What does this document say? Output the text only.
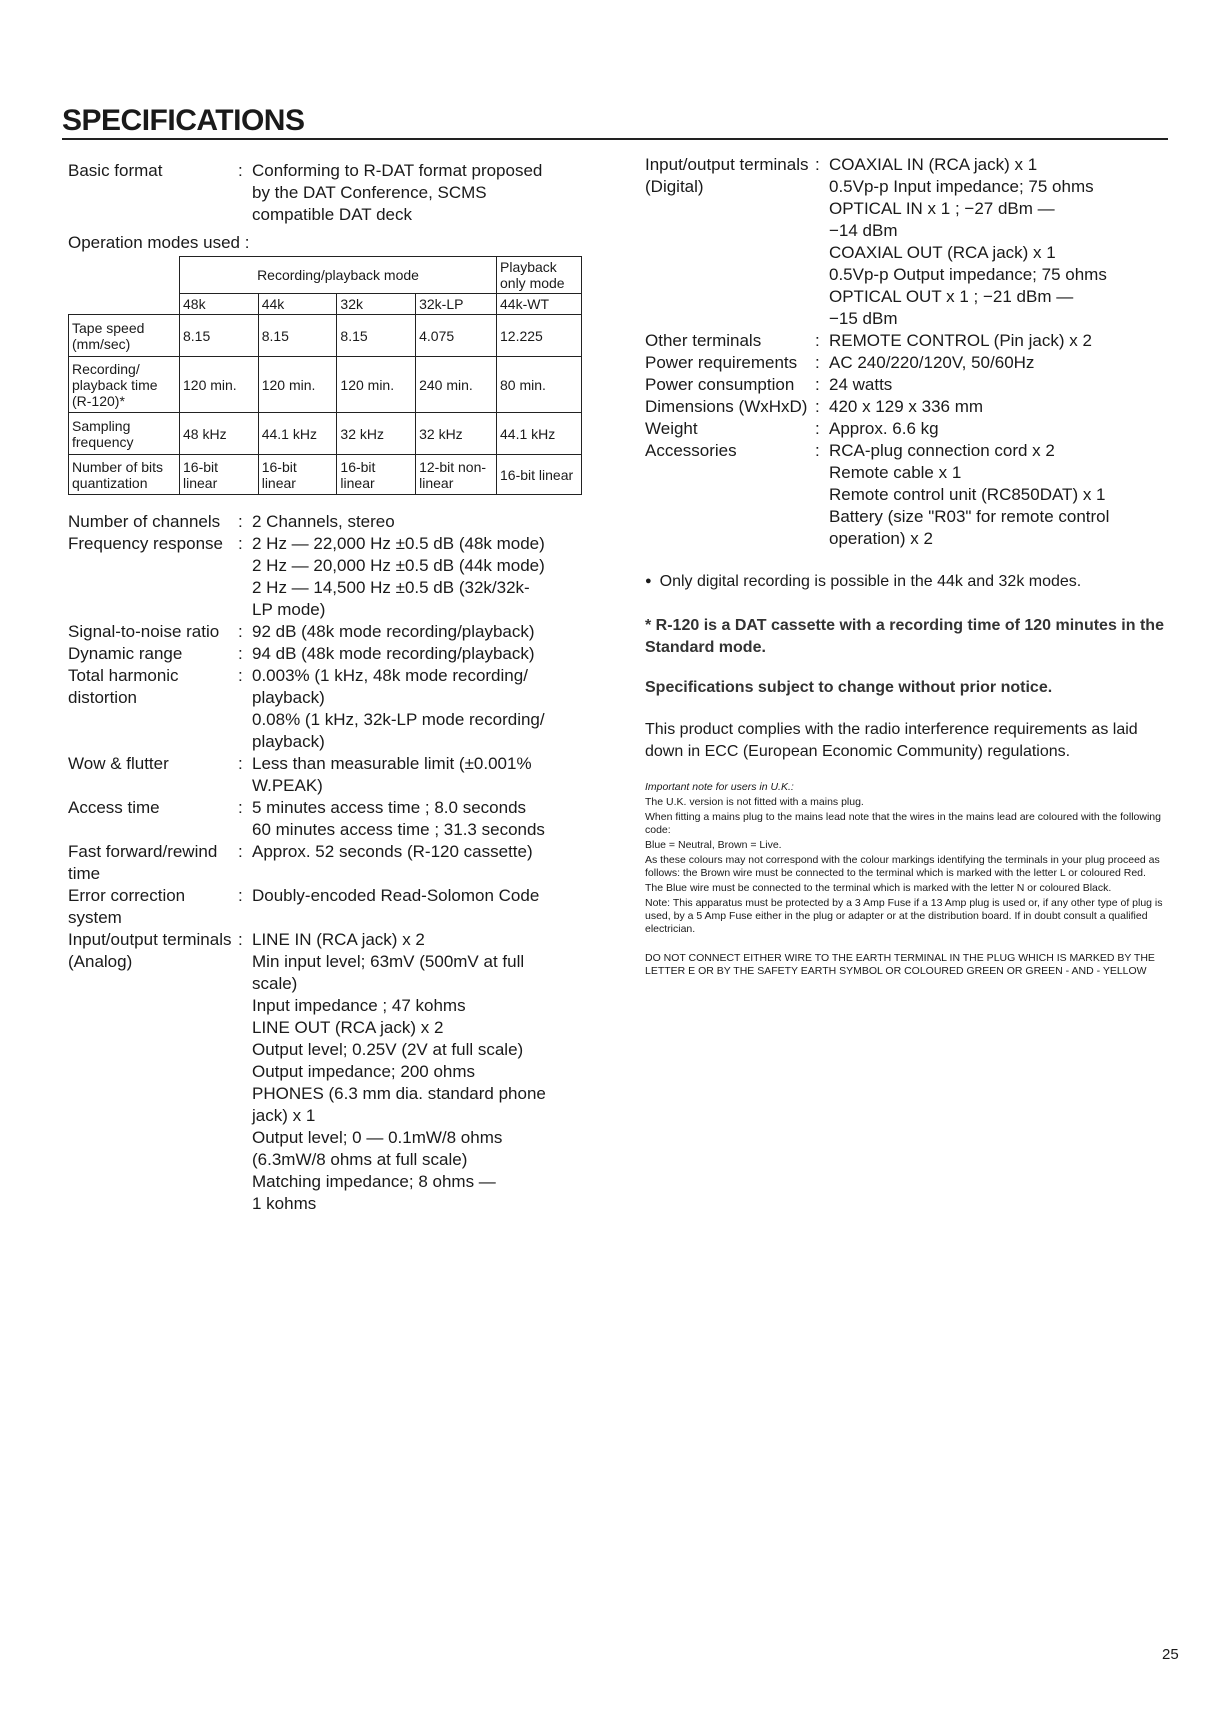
SPECIFICATIONS
Basic format	: Conforming to R-DAT format proposed
by the DAT Conference, SCMS
compatible DAT deck
Operation modes used :
	Recording/playback mode				Playback only mode
	48k	44k	32k	32k-LP	44k-WT
Tape speed (mm/sec)	8.15	8.15	8.15	4.075	12.225
Recording/ playback time (R-120)*	120 min.	120 min.	120 min.	240 min.	80 min.
Sampling frequency	48 kHz	44.1 kHz	32 kHz	32 kHz	44.1 kHz
Number of bits quantization	16-bit linear	16-bit linear	16-bit linear	12-bit non-linear	16-bit linear
Number of channels	: 2 Channels, stereo
Frequency response : 2 Hz — 22,000 Hz ±0.5 dB (48k mode)
2 Hz — 20,000 Hz ±0.5 dB (44k mode)
2 Hz — 14,500 Hz ±0.5 dB (32k/32k-
LP mode)
Signal-to-noise ratio	: 92 dB (48k mode recording/playback)
Dynamic range	: 94 dB (48k mode recording/playback)
Total harmonic distortion
: 0.003% (1 kHz, 48k mode recording/
playback)
0.08% (1 kHz, 32k-LP mode recording/
playback)
Wow & flutter	: Less than measurable limit (±0.001%
W.PEAK)
Access time	: 5 minutes access time ; 8.0 seconds
60 minutes access time ; 31.3 seconds
Fast forward/rewind time
: Approx. 52 seconds (R-120 cassette)
Error correction system
: Doubly-encoded Read-Solomon Code
Input/output terminals (Analog)
: LINE IN (RCA jack) x 2
Min input level; 63mV (500mV at full
scale)
Input impedance ; 47 kohms
LINE OUT (RCA jack) x 2
Output level; 0.25V (2V at full scale)
Output impedance; 200 ohms
PHONES (6.3 mm dia. standard phone
jack) x 1
Output level; 0 — 0.1mW/8 ohms
(6.3mW/8 ohms at full scale)
Matching impedance; 8 ohms —
1 kohms
Input/output terminals (Digital)
: COAXIAL IN (RCA jack) x 1
0.5Vp-p Input impedance; 75 ohms
OPTICAL IN x 1 ; −27 dBm —
−14 dBm
COAXIAL OUT (RCA jack) x 1
0.5Vp-p Output impedance; 75 ohms
OPTICAL OUT x 1 ; −21 dBm —
−15 dBm
Other terminals	: REMOTE CONTROL (Pin jack) x 2
Power requirements	: AC 240/220/120V, 50/60Hz
Power consumption	: 24 watts
Dimensions (WxHxD) : 420 x 129 x 336 mm
Weight	: Approx. 6.6 kg
Accessories	: RCA-plug connection cord x 2
Remote cable x 1
Remote control unit (RC850DAT) x 1
Battery (size "R03" for remote control
operation) x 2
● Only digital recording is possible in the 44k and 32k modes.
* R-120 is a DAT cassette with a recording time of 120 minutes in the Standard mode.
Specifications subject to change without prior notice.
This product complies with the radio interference requirements as laid down in ECC (European Economic Community) regulations.
Important note for users in U.K.:
The U.K. version is not fitted with a mains plug.
When fitting a mains plug to the mains lead note that the wires in the mains lead are coloured with the following code:
Blue = Neutral, Brown = Live.
As these colours may not correspond with the colour markings identifying the terminals in your plug proceed as follows: the Brown wire must be connected to the terminal which is marked with the letter L or coloured Red.
The Blue wire must be connected to the terminal which is marked with the letter N or coloured Black.
Note: This apparatus must be protected by a 3 Amp Fuse if a 13 Amp plug is used or, if any other type of plug is used, by a 5 Amp Fuse either in the plug or adapter or at the distribution board. If in doubt consult a qualified electrician.
DO NOT CONNECT EITHER WIRE TO THE EARTH TERMINAL IN THE PLUG WHICH IS MARKED BY THE LETTER E OR BY THE SAFETY EARTH SYMBOL OR COLOURED GREEN OR GREEN - AND - YELLOW
25
